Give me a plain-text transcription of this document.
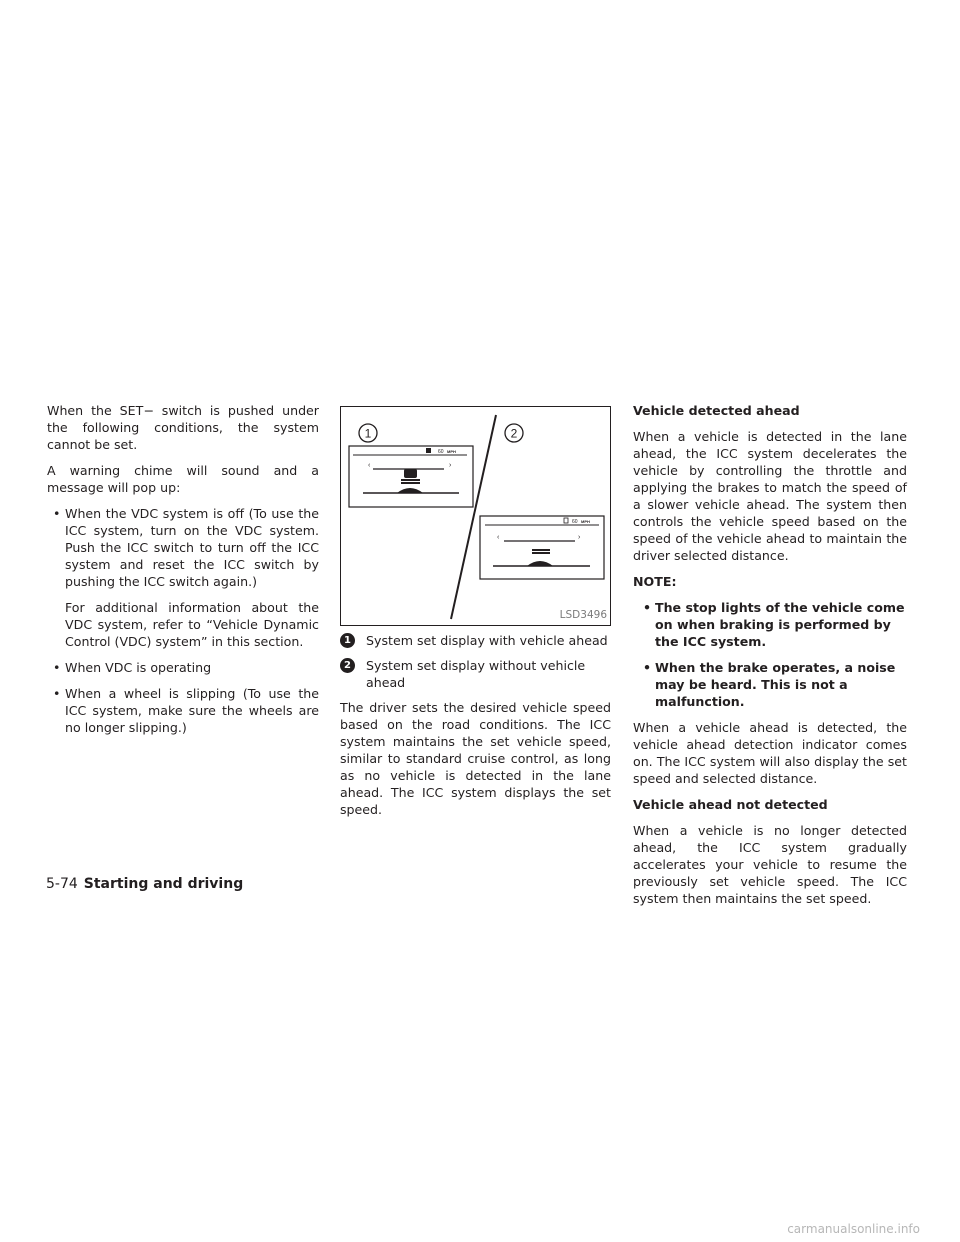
When the SET− switch is pushed under the following conditions, the system cannot be set.

A warning chime will sound and a message will pop up:

• When the VDC system is off (To use the ICC system, turn on the VDC system. Push the ICC switch to turn off the ICC system and reset the ICC switch by pushing the ICC switch again.)

For additional information about the VDC system, refer to “Vehicle Dynamic Control (VDC) system” in this section.

• When VDC is operating
• When a wheel is slipping (To use the ICC system, make sure the wheels are no longer slipping.)
1	2
60 MPH
‹	›
60 MPH
‹	›
LSD3496
1	System set display with vehicle ahead
2	System set display without vehicle ahead

The driver sets the desired vehicle speed based on the road conditions. The ICC system maintains the set vehicle speed, similar to standard cruise control, as long as no vehicle is detected in the lane ahead. The ICC system displays the set speed.

Vehicle detected ahead

When a vehicle is detected in the lane ahead, the ICC system decelerates the vehicle by controlling the throttle and applying the brakes to match the speed of a slower vehicle ahead. The system then controls the vehicle speed based on the speed of the vehicle ahead to maintain the driver selected distance.

NOTE:
• The stop lights of the vehicle come on when braking is performed by the ICC system.
• When the brake operates, a noise may be heard. This is not a malfunction.

When a vehicle ahead is detected, the vehicle ahead detection indicator comes on. The ICC system will also display the set speed and selected distance.

Vehicle ahead not detected

When a vehicle is no longer detected ahead, the ICC system gradually accelerates your vehicle to resume the previously set vehicle speed. The ICC system then maintains the set speed.

5-74 Starting and driving
carmanualsonline.info
